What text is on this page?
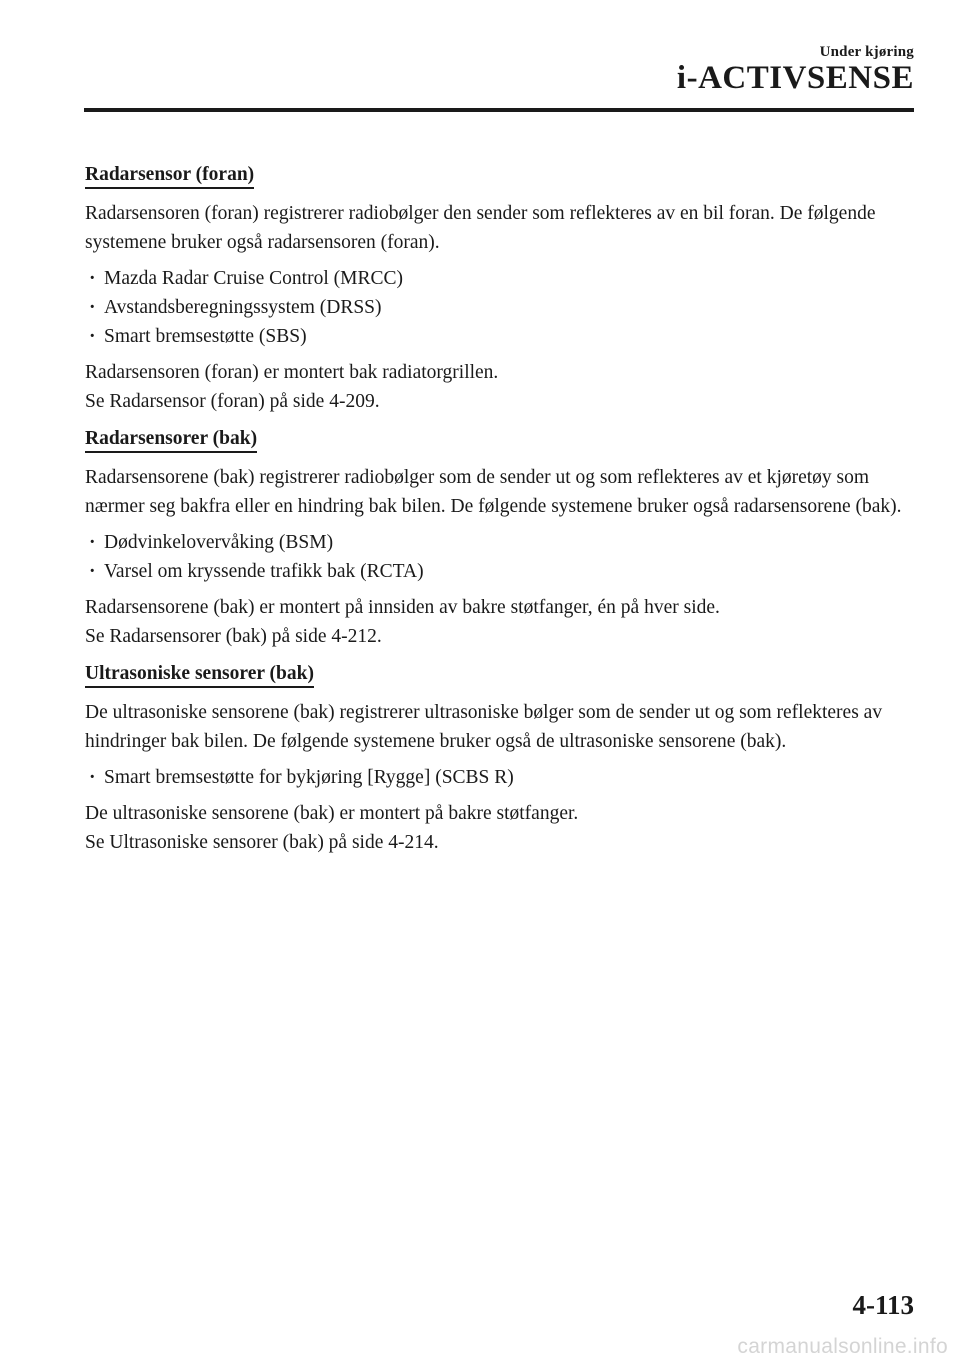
Under kjøring
i-ACTIVSENSE
Radarsensor (foran)

Radarsensoren (foran) registrerer radiobølger den sender som reflekteres av en bil foran. De følgende systemene bruker også radarsensoren (foran).

· Mazda Radar Cruise Control (MRCC)
· Avstandsberegningssystem (DRSS)
· Smart bremsestøtte (SBS)

Radarsensoren (foran) er montert bak radiatorgrillen.
Se Radarsensor (foran) på side 4-209.

Radarsensorer (bak)

Radarsensorene (bak) registrerer radiobølger som de sender ut og som reflekteres av et kjøretøy som nærmer seg bakfra eller en hindring bak bilen. De følgende systemene bruker også radarsensorene (bak).

· Dødvinkelovervåking (BSM)
· Varsel om kryssende trafikk bak (RCTA)

Radarsensorene (bak) er montert på innsiden av bakre støtfanger, én på hver side.
Se Radarsensorer (bak) på side 4-212.

Ultrasoniske sensorer (bak)

De ultrasoniske sensorene (bak) registrerer ultrasoniske bølger som de sender ut og som reflekteres av hindringer bak bilen. De følgende systemene bruker også de ultrasoniske sensorene (bak).

· Smart bremsestøtte for bykjøring [Rygge] (SCBS R)

De ultrasoniske sensorene (bak) er montert på bakre støtfanger.
Se Ultrasoniske sensorer (bak) på side 4-214.

4-113
carmanualsonline.info
